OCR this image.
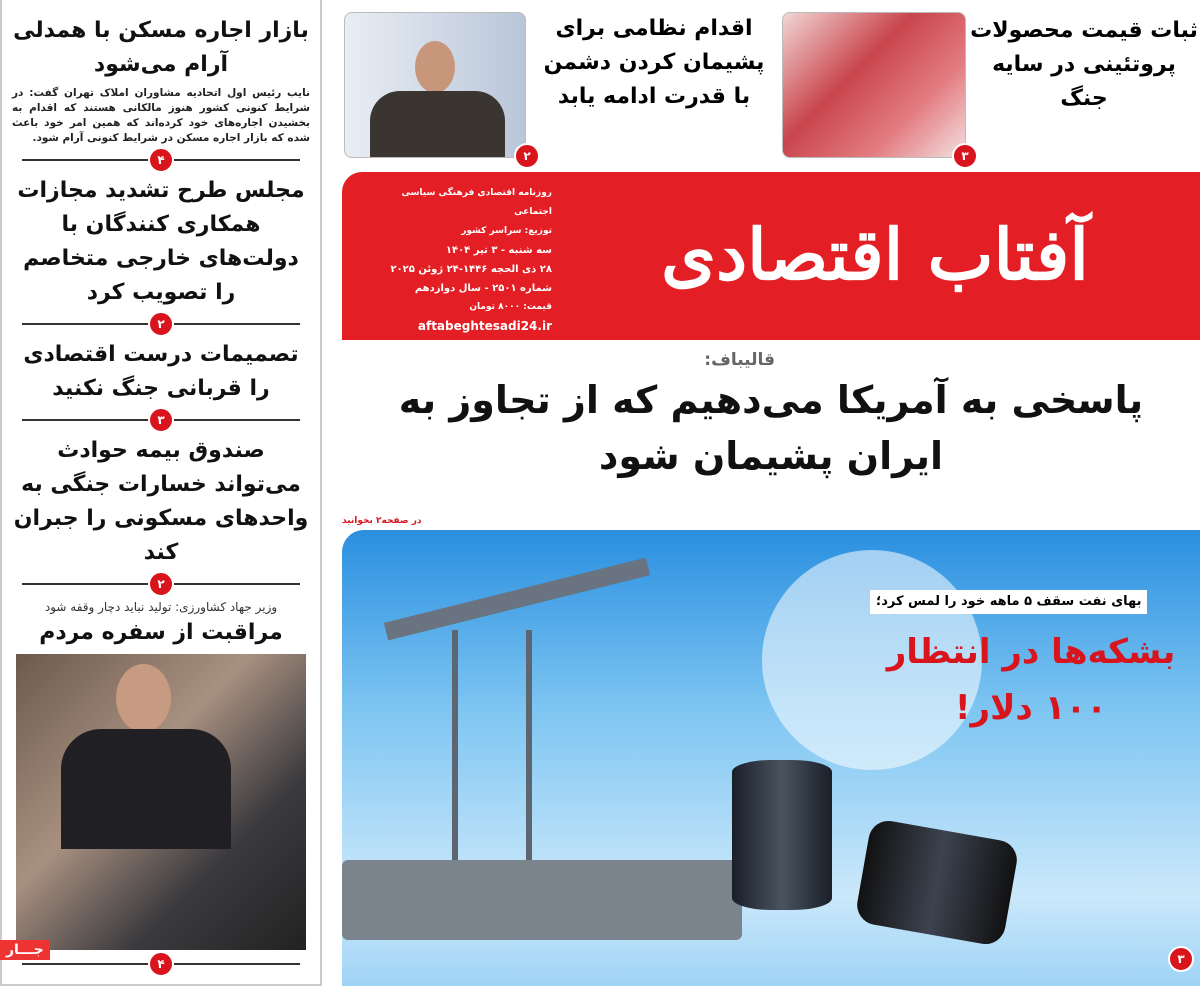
بازار اجاره مسکن با همدلی آرام می‌شود
نایب رئیس اول اتحادیه مشاوران املاک تهران گفت: در شرایط کنونی کشور هنوز مالکانی هستند که اقدام به بخشیدن اجاره‌های خود کرده‌اند که همین امر خود باعث شده که بازار اجاره مسکن در شرایط کنونی آرام شود.
۴
مجلس طرح تشدید مجازات همکاری کنندگان با دولت‌های خارجی متخاصم را تصویب کرد
۲
تصمیمات درست اقتصادی را قربانی جنگ نکنید
۳
صندوق بیمه حوادث می‌تواند خسارات جنگی به واحدهای مسکونی را جبران کند
۲
وزیر جهاد کشاورزی: تولید نباید دچار وقفه شود
مراقبت از سفره مردم
۴
جـــار
ثبات قیمت محصولات پروتئینی در سایه جنگ
۳
اقدام نظامی برای پشیمان کردن دشمن با قدرت ادامه یابد
۲
آفتاب اقتصادی
روزنامه اقتصادی فرهنگی سیاسی اجتماعی
توزیع: سراسر کشور
سه شنبه - ۳ تیر ۱۴۰۴
۲۸ ذی الحجه ۱۴۴۶-۲۴ ژوئن ۲۰۲۵
شماره ۲۵۰۱ - سال دوازدهم
قیمت: ۸۰۰۰ تومان
aftabeghtesadi24.ir
قالیباف:
پاسخی به آمریکا می‌دهیم که از تجاوز به ایران پشیمان شود
در صفحه۲ بخوانید
بهای نفت سقف ۵ ماهه خود را لمس کرد؛
بشکه‌ها در انتظار
۱۰۰ دلار!
۳
